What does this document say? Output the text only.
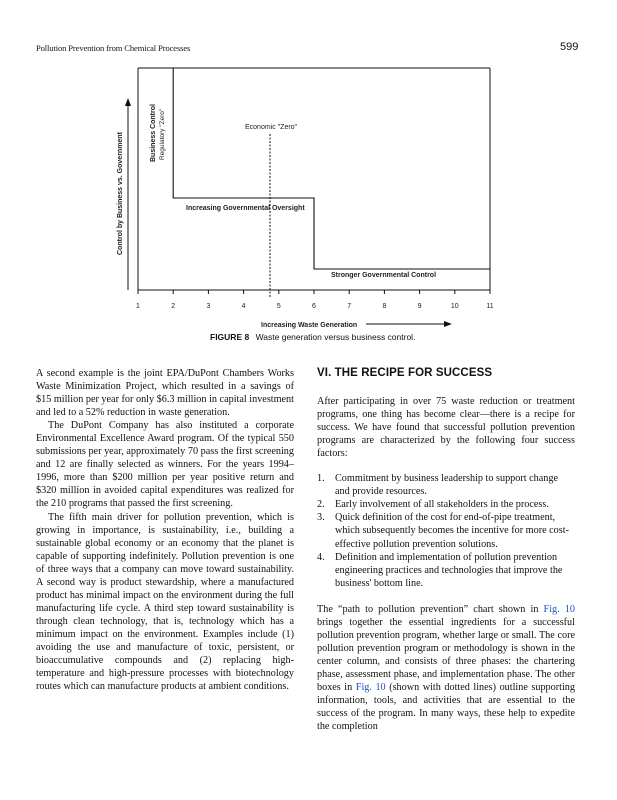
Pollution Prevention from Chemical Processes	599
Control by Business vs. Government	Business Control Regulatory "Zero"
1	2	3	4	5	6	7	8	9	10	11
Economic "Zero"
Increasing Governmental Oversight
Stronger Governmental Control
Increasing Waste Generation
FIGURE 8 Waste generation versus business control.

A second example is the joint EPA/DuPont Chambers Works Waste Minimization Project, which resulted in a savings of $15 million per year for only $6.3 million in capital investment and led to a 52% reduction in waste generation.

The DuPont Company has also instituted a corporate Environmental Excellence Award program. Of the typical 550 submissions per year, approximately 70 pass the first screening and 12 are finally selected as winners. For the years 1994–1996, more than $200 million per year positive return and $320 million in avoided capital expenditures was realized for the 210 programs that passed the first screening.

The fifth main driver for pollution prevention, which is growing in importance, is sustainability, i.e., building a sustainable global economy or an economy that the planet is capable of supporting indefinitely. Pollution prevention is one of three ways that a company can move toward sustainability. A second way is product stewardship, where a manufactured product has minimal impact on the environment during the full manufacturing life cycle. A third step toward sustainability is through clean technology, that is, technology which has a minimum impact on the environment. Examples include (1) avoiding the use and manufacture of toxic, persistent, or bioaccumulative compounds and (2) replacing high-temperature and high-pressure processes with biotechnology routes which can manufacture products at ambient conditions.

VI. THE RECIPE FOR SUCCESS

After participating in over 75 waste reduction or treatment programs, one thing has become clear—there is a recipe for success. We have found that successful pollution prevention programs are characterized by the following four success factors:

1. Commitment by business leadership to support change and provide resources.
2. Early involvement of all stakeholders in the process.
3. Quick definition of the cost for end-of-pipe treatment, which subsequently becomes the incentive for more cost-effective pollution prevention solutions.
4. Definition and implementation of pollution prevention engineering practices and technologies that improve the business' bottom line.

The “path to pollution prevention” chart shown in Fig. 10 brings together the essential ingredients for a successful pollution prevention program, whether large or small. The core pollution prevention program or methodology is shown in the center column, and consists of three phases: the chartering phase, assessment phase, and implementation phase. The other boxes in Fig. 10 (shown with dotted lines) outline supporting information, tools, and activities that are essential to the success of the program. In many ways, these help to expedite the completion
